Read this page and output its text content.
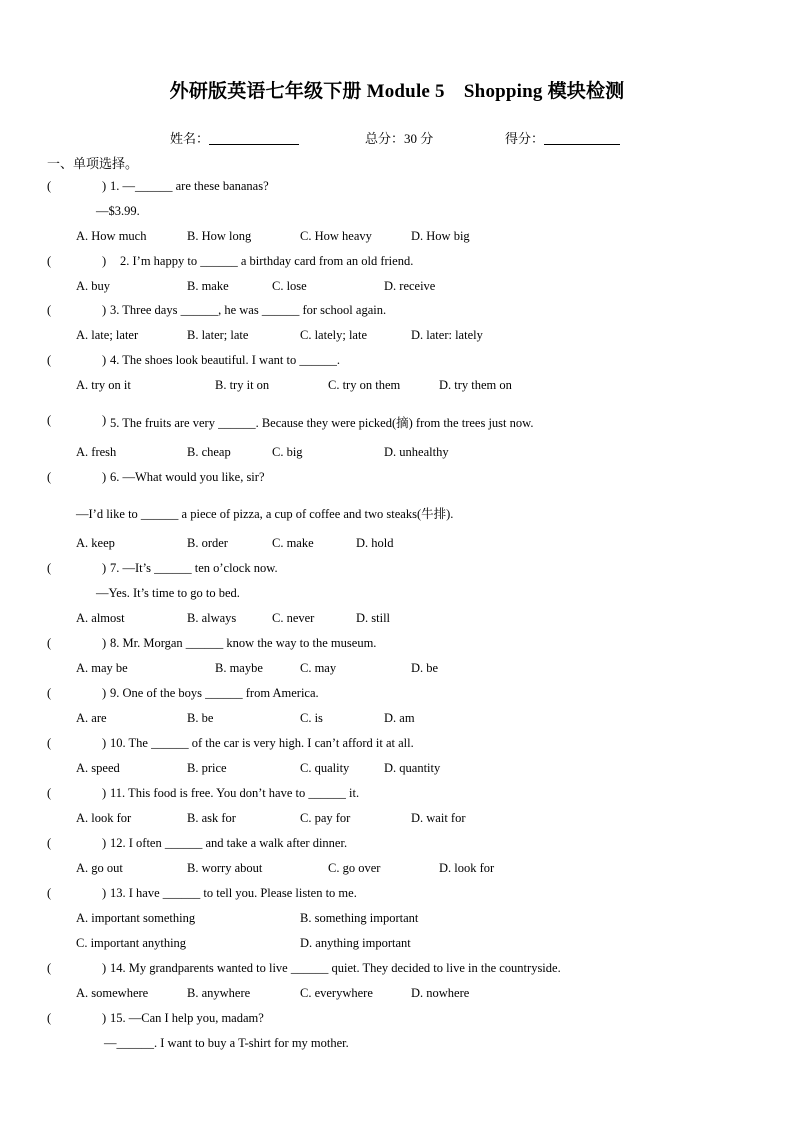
外研版英语七年级下册 Module 5　Shopping 模块检测
姓名：	总分：30 分	得分：
一、单项选择。
(	) 1. —______ are these bananas?
—$3.99.
A. How much	B. How long	C. How heavy	D. How big
(	) 2. I’m happy to ______ a birthday card from an old friend.
A. buy	B. make	C. lose	D. receive
(	) 3. Three days ______, he was ______ for school again.
A. late; later	B. later; late	C. lately; late	D. later: lately
(	) 4. The shoes look beautiful. I want to ______.
A. try on it	B. try it on	C. try on them	D. try them on
(	) 5. The fruits are very ______. Because they were picked(摘) from the trees just now.
A. fresh	B. cheap	C. big	D. unhealthy
(	) 6. —What would you like, sir?
—I’d like to ______ a piece of pizza, a cup of coffee and two steaks(牛排).
A. keep	B. order	C. make	D. hold
(	) 7. —It’s ______ ten o’clock now.
—Yes. It’s time to go to bed.
A. almost	B. always	C. never	D. still
(	) 8. Mr. Morgan ______ know the way to the museum.
A. may be	B. maybe	C. may	D. be
(	) 9. One of the boys ______ from America.
A. are	B. be	C. is	D. am
(	) 10. The ______ of the car is very high. I can’t afford it at all.
A. speed	B. price	C. quality	D. quantity
(	) 11. This food is free. You don’t have to ______ it.
A. look for	B. ask for	C. pay for	D. wait for
(	) 12. I often ______ and take a walk after dinner.
A. go out	B. worry about	C. go over	D. look for
(	) 13. I have ______ to tell you. Please listen to me.
A. important something	B. something important
C. important anything	D. anything important
(	) 14. My grandparents wanted to live ______ quiet. They decided to live in the countryside.
A. somewhere	B. anywhere	C. everywhere	D. nowhere
(	) 15. —Can I help you, madam?
—______. I want to buy a T-shirt for my mother.
